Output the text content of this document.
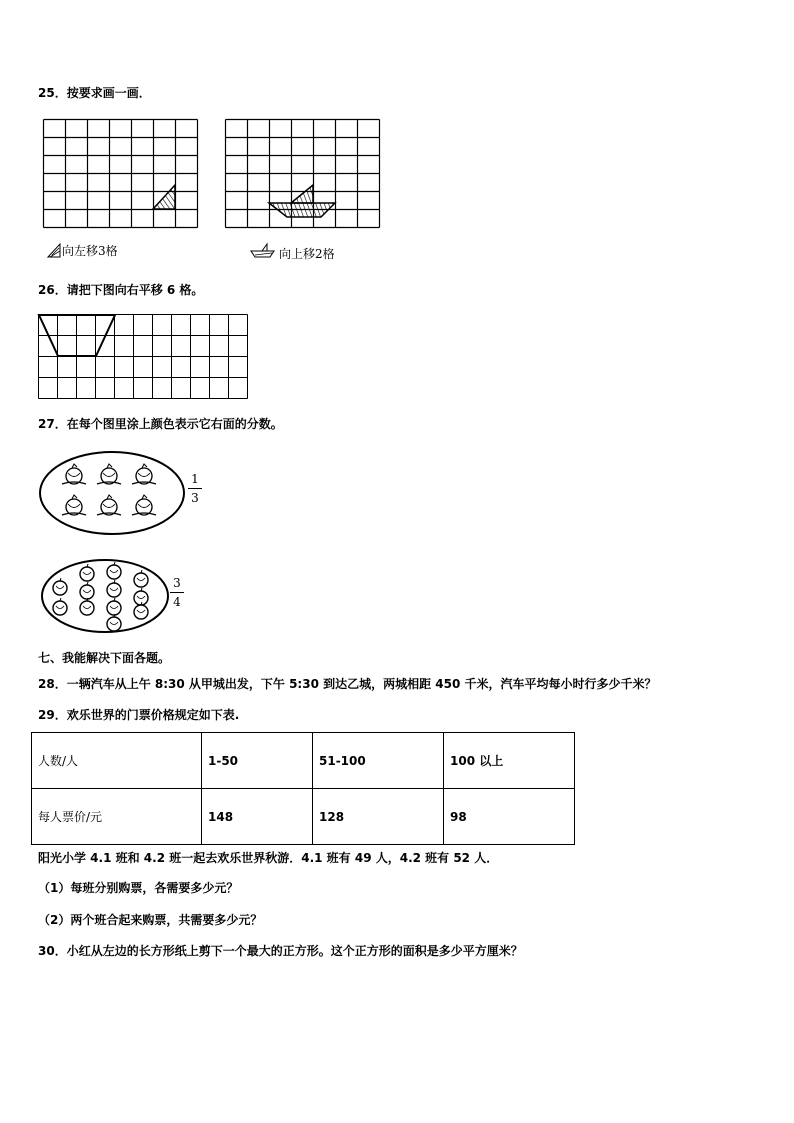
25．按要求画一画．
向左移3格	向上移2格
26．请把下图向右平移 6 格。
27．在每个图里涂上颜色表示它右面的分数。
1
3
3
4
七、我能解决下面各题。
28．一辆汽车从上午 8:30 从甲城出发，下午 5:30 到达乙城，两城相距 450 千米，汽车平均每小时行多少千米？
29．欢乐世界的门票价格规定如下表.
人数/人	1-50	51-100	100 以上
每人票价/元	148	128	98
阳光小学 4.1 班和 4.2 班一起去欢乐世界秋游．4.1 班有 49 人，4.2 班有 52 人．
（1）每班分别购票，各需要多少元？
（2）两个班合起来购票，共需要多少元？
30．小红从左边的长方形纸上剪下一个最大的正方形。这个正方形的面积是多少平方厘米？
